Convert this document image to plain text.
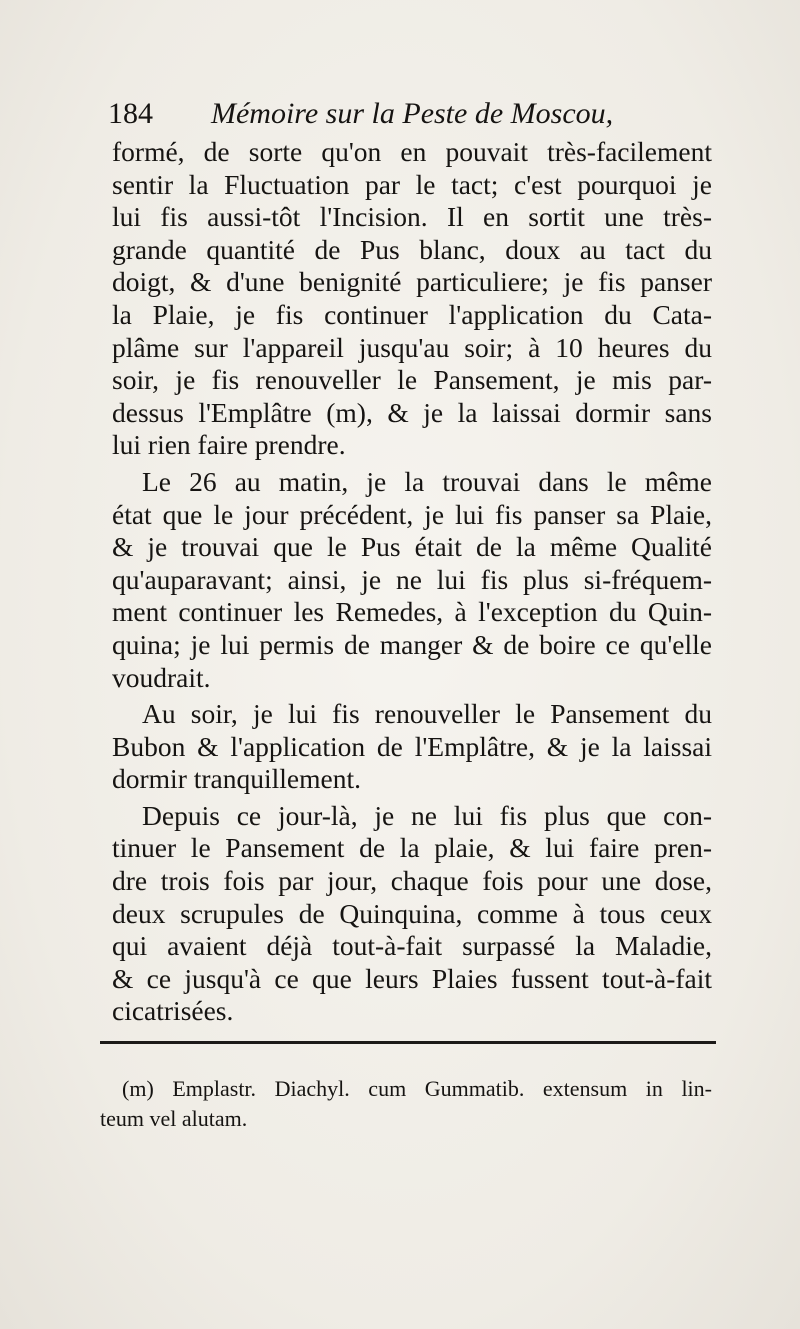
184 Mémoire sur la Peste de Moscou,
formé, de sorte qu'on en pouvait très-facilement
sentir la Fluctuation par le tact; c'est pourquoi je
lui fis aussi-tôt l'Incision. Il en sortit une très-
grande quantité de Pus blanc, doux au tact du
doigt, & d'une benignité particuliere; je fis panser
la Plaie, je fis continuer l'application du Cata-
plâme sur l'appareil jusqu'au soir; à 10 heures du
soir, je fis renouveller le Pansement, je mis par-
dessus l'Emplâtre (m), & je la laissai dormir sans
lui rien faire prendre.
Le 26 au matin, je la trouvai dans le même
état que le jour précédent, je lui fis panser sa Plaie,
& je trouvai que le Pus était de la même Qualité
qu'auparavant; ainsi, je ne lui fis plus si-fréquem-
ment continuer les Remedes, à l'exception du Quin-
quina; je lui permis de manger & de boire ce qu'elle
voudrait.
Au soir, je lui fis renouveller le Pansement du
Bubon & l'application de l'Emplâtre, & je la laissai
dormir tranquillement.
Depuis ce jour-là, je ne lui fis plus que con-
tinuer le Pansement de la plaie, & lui faire pren-
dre trois fois par jour, chaque fois pour une dose,
deux scrupules de Quinquina, comme à tous ceux
qui avaient déjà tout-à-fait surpassé la Maladie,
& ce jusqu'à ce que leurs Plaies fussent tout-à-fait
cicatrisées.
(m) Emplastr. Diachyl. cum Gummatib. extensum in lin-
teum vel alutam.
